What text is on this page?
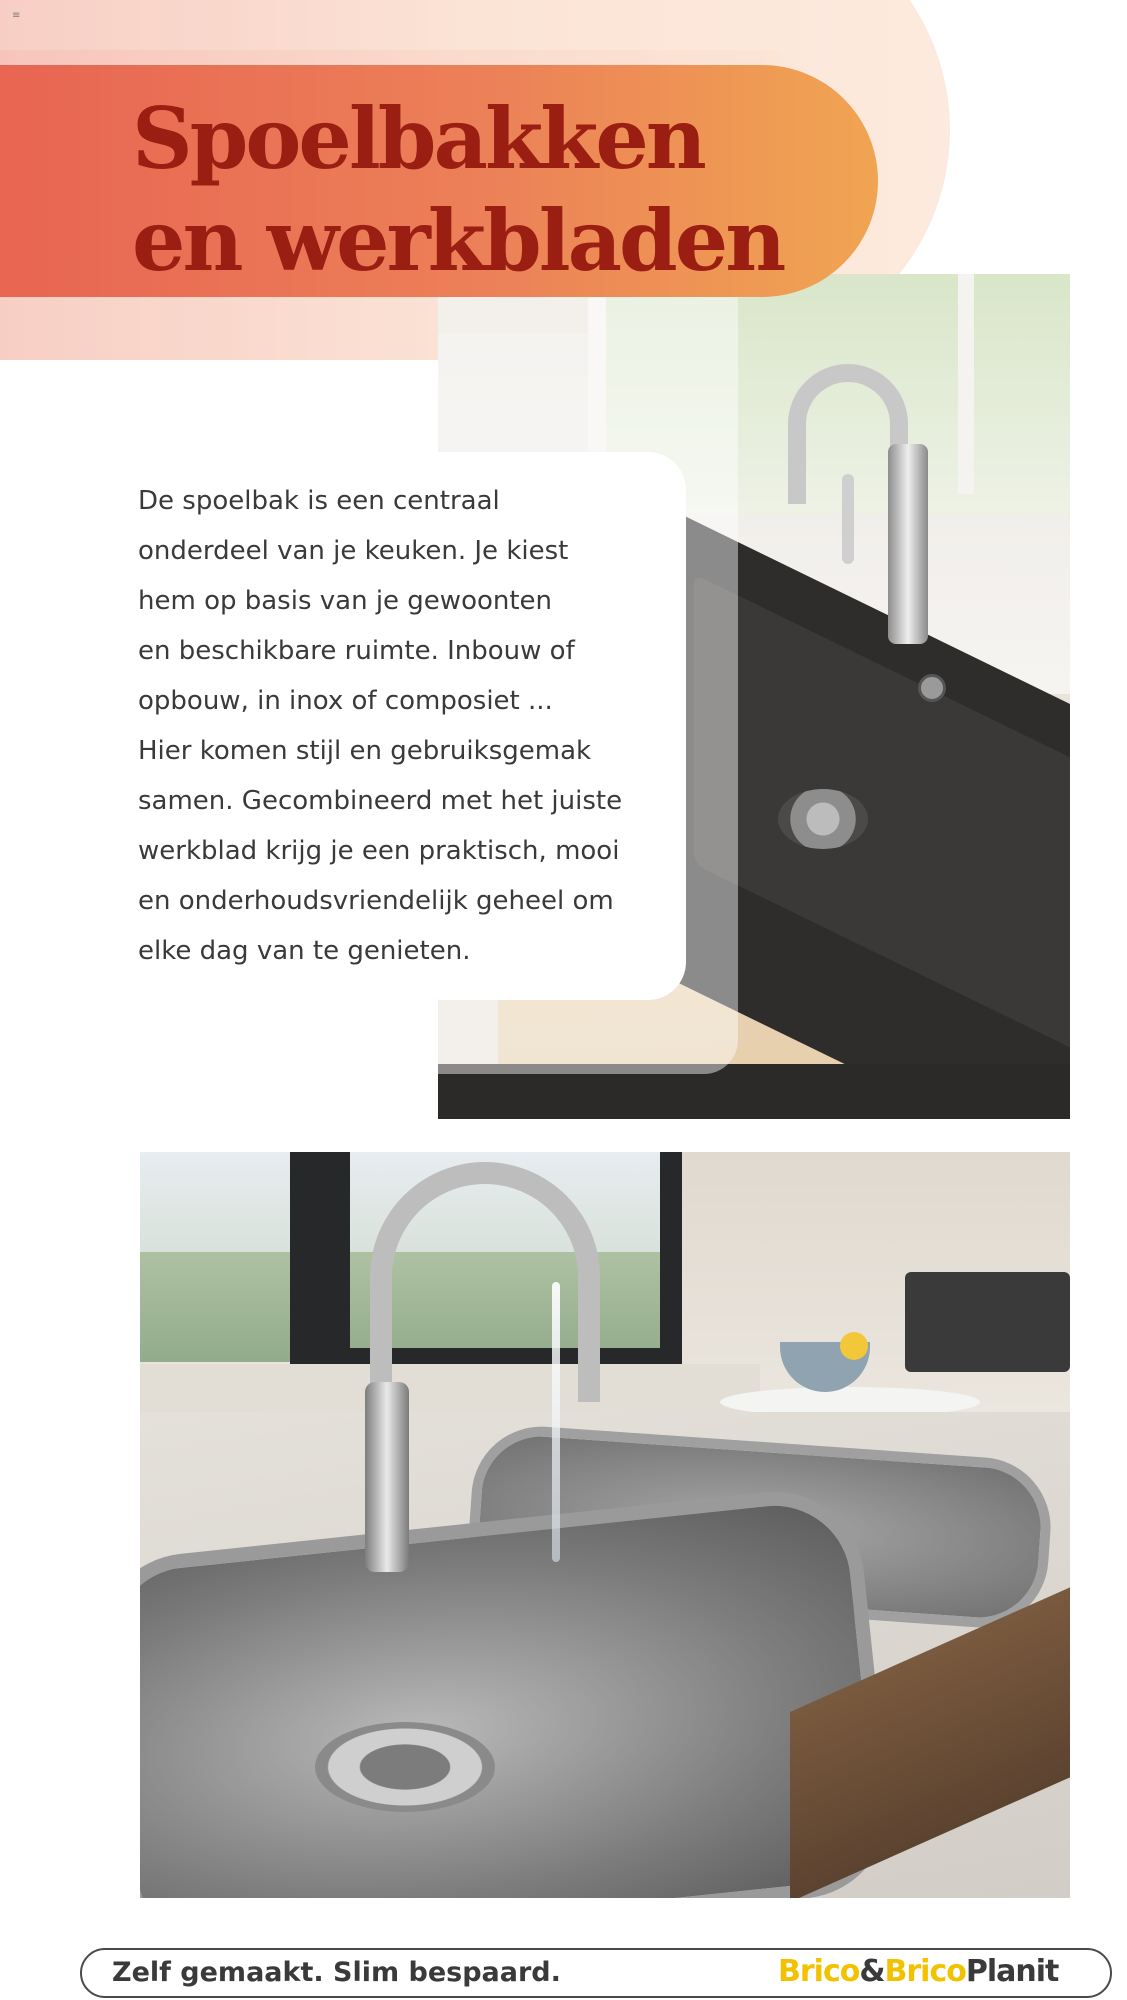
≡
Spoelbakken
en werkbladen

De spoelbak is een centraal
onderdeel van je keuken. Je kiest
hem op basis van je gewoonten
en beschikbare ruimte. Inbouw of
opbouw, in inox of composiet ...
Hier komen stijl en gebruiksgemak
samen. Gecombineerd met het juiste
werkblad krijg je een praktisch, mooi
en onderhoudsvriendelijk geheel om
elke dag van te genieten.

Zelf gemaakt. Slim bespaard.	Brico&BricoPlanit
